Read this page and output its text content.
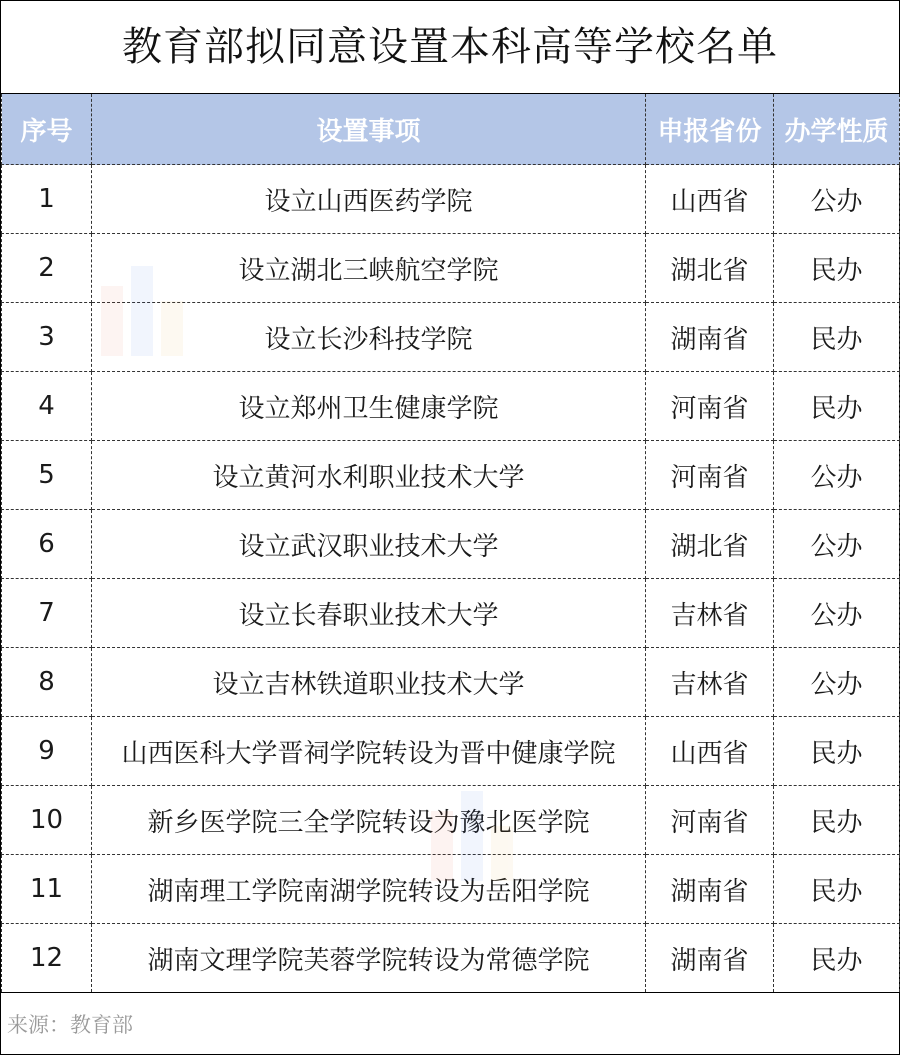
教育部拟同意设置本科高等学校名单
序号	设置事项	申报省份	办学性质
1	设立山西医药学院	山西省	公办
2	设立湖北三峡航空学院	湖北省	民办
3	设立长沙科技学院	湖南省	民办
4	设立郑州卫生健康学院	河南省	民办
5	设立黄河水利职业技术大学	河南省	公办
6	设立武汉职业技术大学	湖北省	公办
7	设立长春职业技术大学	吉林省	公办
8	设立吉林铁道职业技术大学	吉林省	公办
9	山西医科大学晋祠学院转设为晋中健康学院	山西省	民办
10	新乡医学院三全学院转设为豫北医学院	河南省	民办
11	湖南理工学院南湖学院转设为岳阳学院	湖南省	民办
12	湖南文理学院芙蓉学院转设为常德学院	湖南省	民办
来源：教育部
